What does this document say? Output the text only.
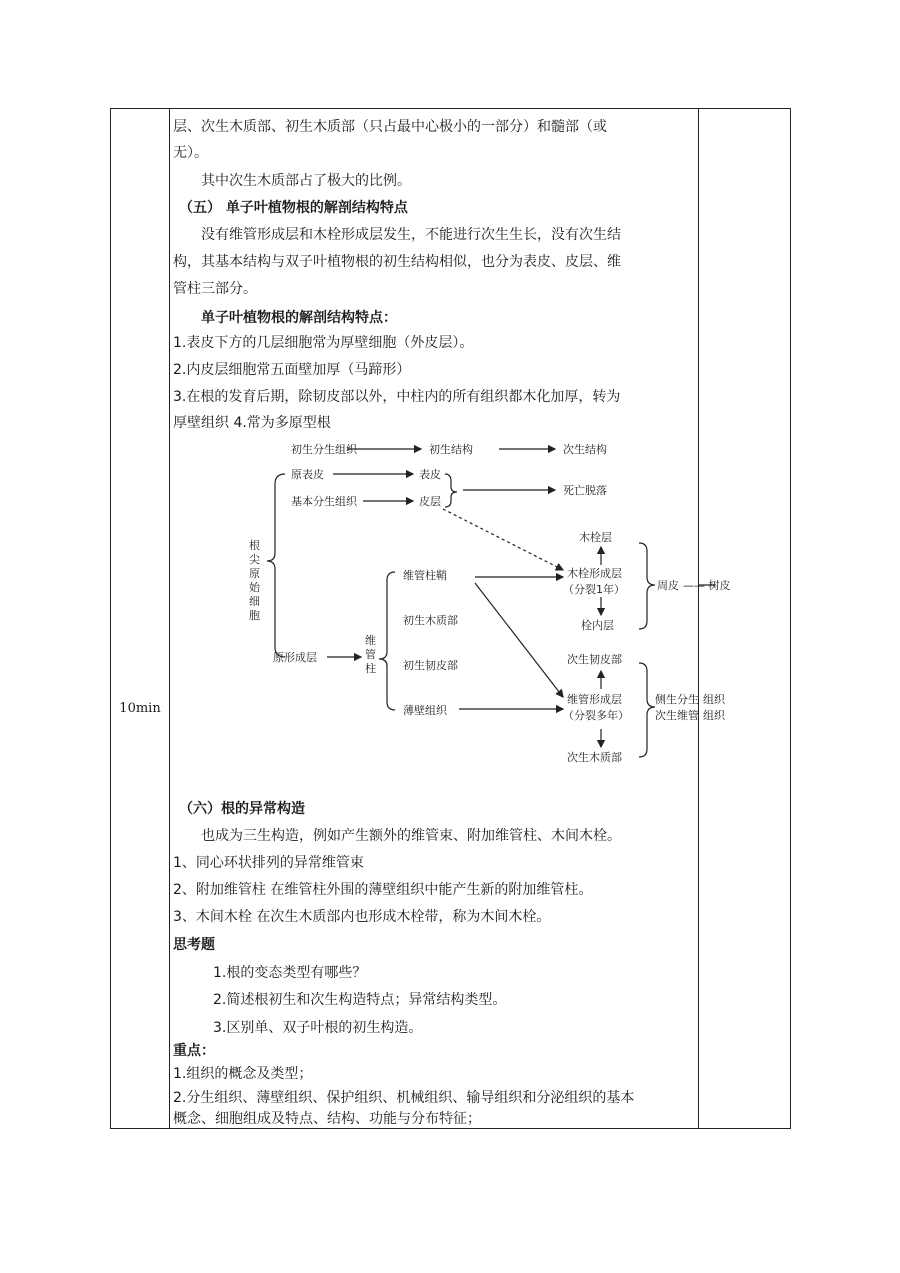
10min
层、次生木质部、初生木质部（只占最中心极小的一部分）和髓部（或
无）。
其中次生木质部占了极大的比例。
（五） 单子叶植物根的解剖结构特点
没有维管形成层和木栓形成层发生，不能进行次生生长，没有次生结
构，其基本结构与双子叶植物根的初生结构相似，也分为表皮、皮层、维
管柱三部分。
单子叶植物根的解剖结构特点：
1.表皮下方的几层细胞常为厚壁细胞（外皮层）。
2.内皮层细胞常五面壁加厚（马蹄形）
3.在根的发育后期，除韧皮部以外，中柱内的所有组织都木化加厚，转为
厚壁组织 4.常为多原型根
初生分生组织	初生结构	次生结构
原表皮	表皮
基本分生组织	皮层
死亡脱落
根
尖
原
始
细
胞
原形成层
维
管
柱
维管柱鞘
初生木质部
初生韧皮部
薄壁组织
木栓层
木栓形成层
（分裂1年）
栓内层
周皮 —— 树皮
次生韧皮部
维管形成层
（分裂多年）
次生木质部
侧生分生
次生维管
组织
组织
（六）根的异常构造
也成为三生构造，例如产生额外的维管束、附加维管柱、木间木栓。
1、同心环状排列的异常维管束
2、附加维管柱 在维管柱外围的薄壁组织中能产生新的附加维管柱。
3、木间木栓 在次生木质部内也形成木栓带，称为木间木栓。
思考题
1.根的变态类型有哪些？
2.简述根初生和次生构造特点；异常结构类型。
3.区别单、双子叶根的初生构造。
重点：
1.组织的概念及类型；
2.分生组织、薄壁组织、保护组织、机械组织、输导组织和分泌组织的基本
概念、细胞组成及特点、结构、功能与分布特征；
